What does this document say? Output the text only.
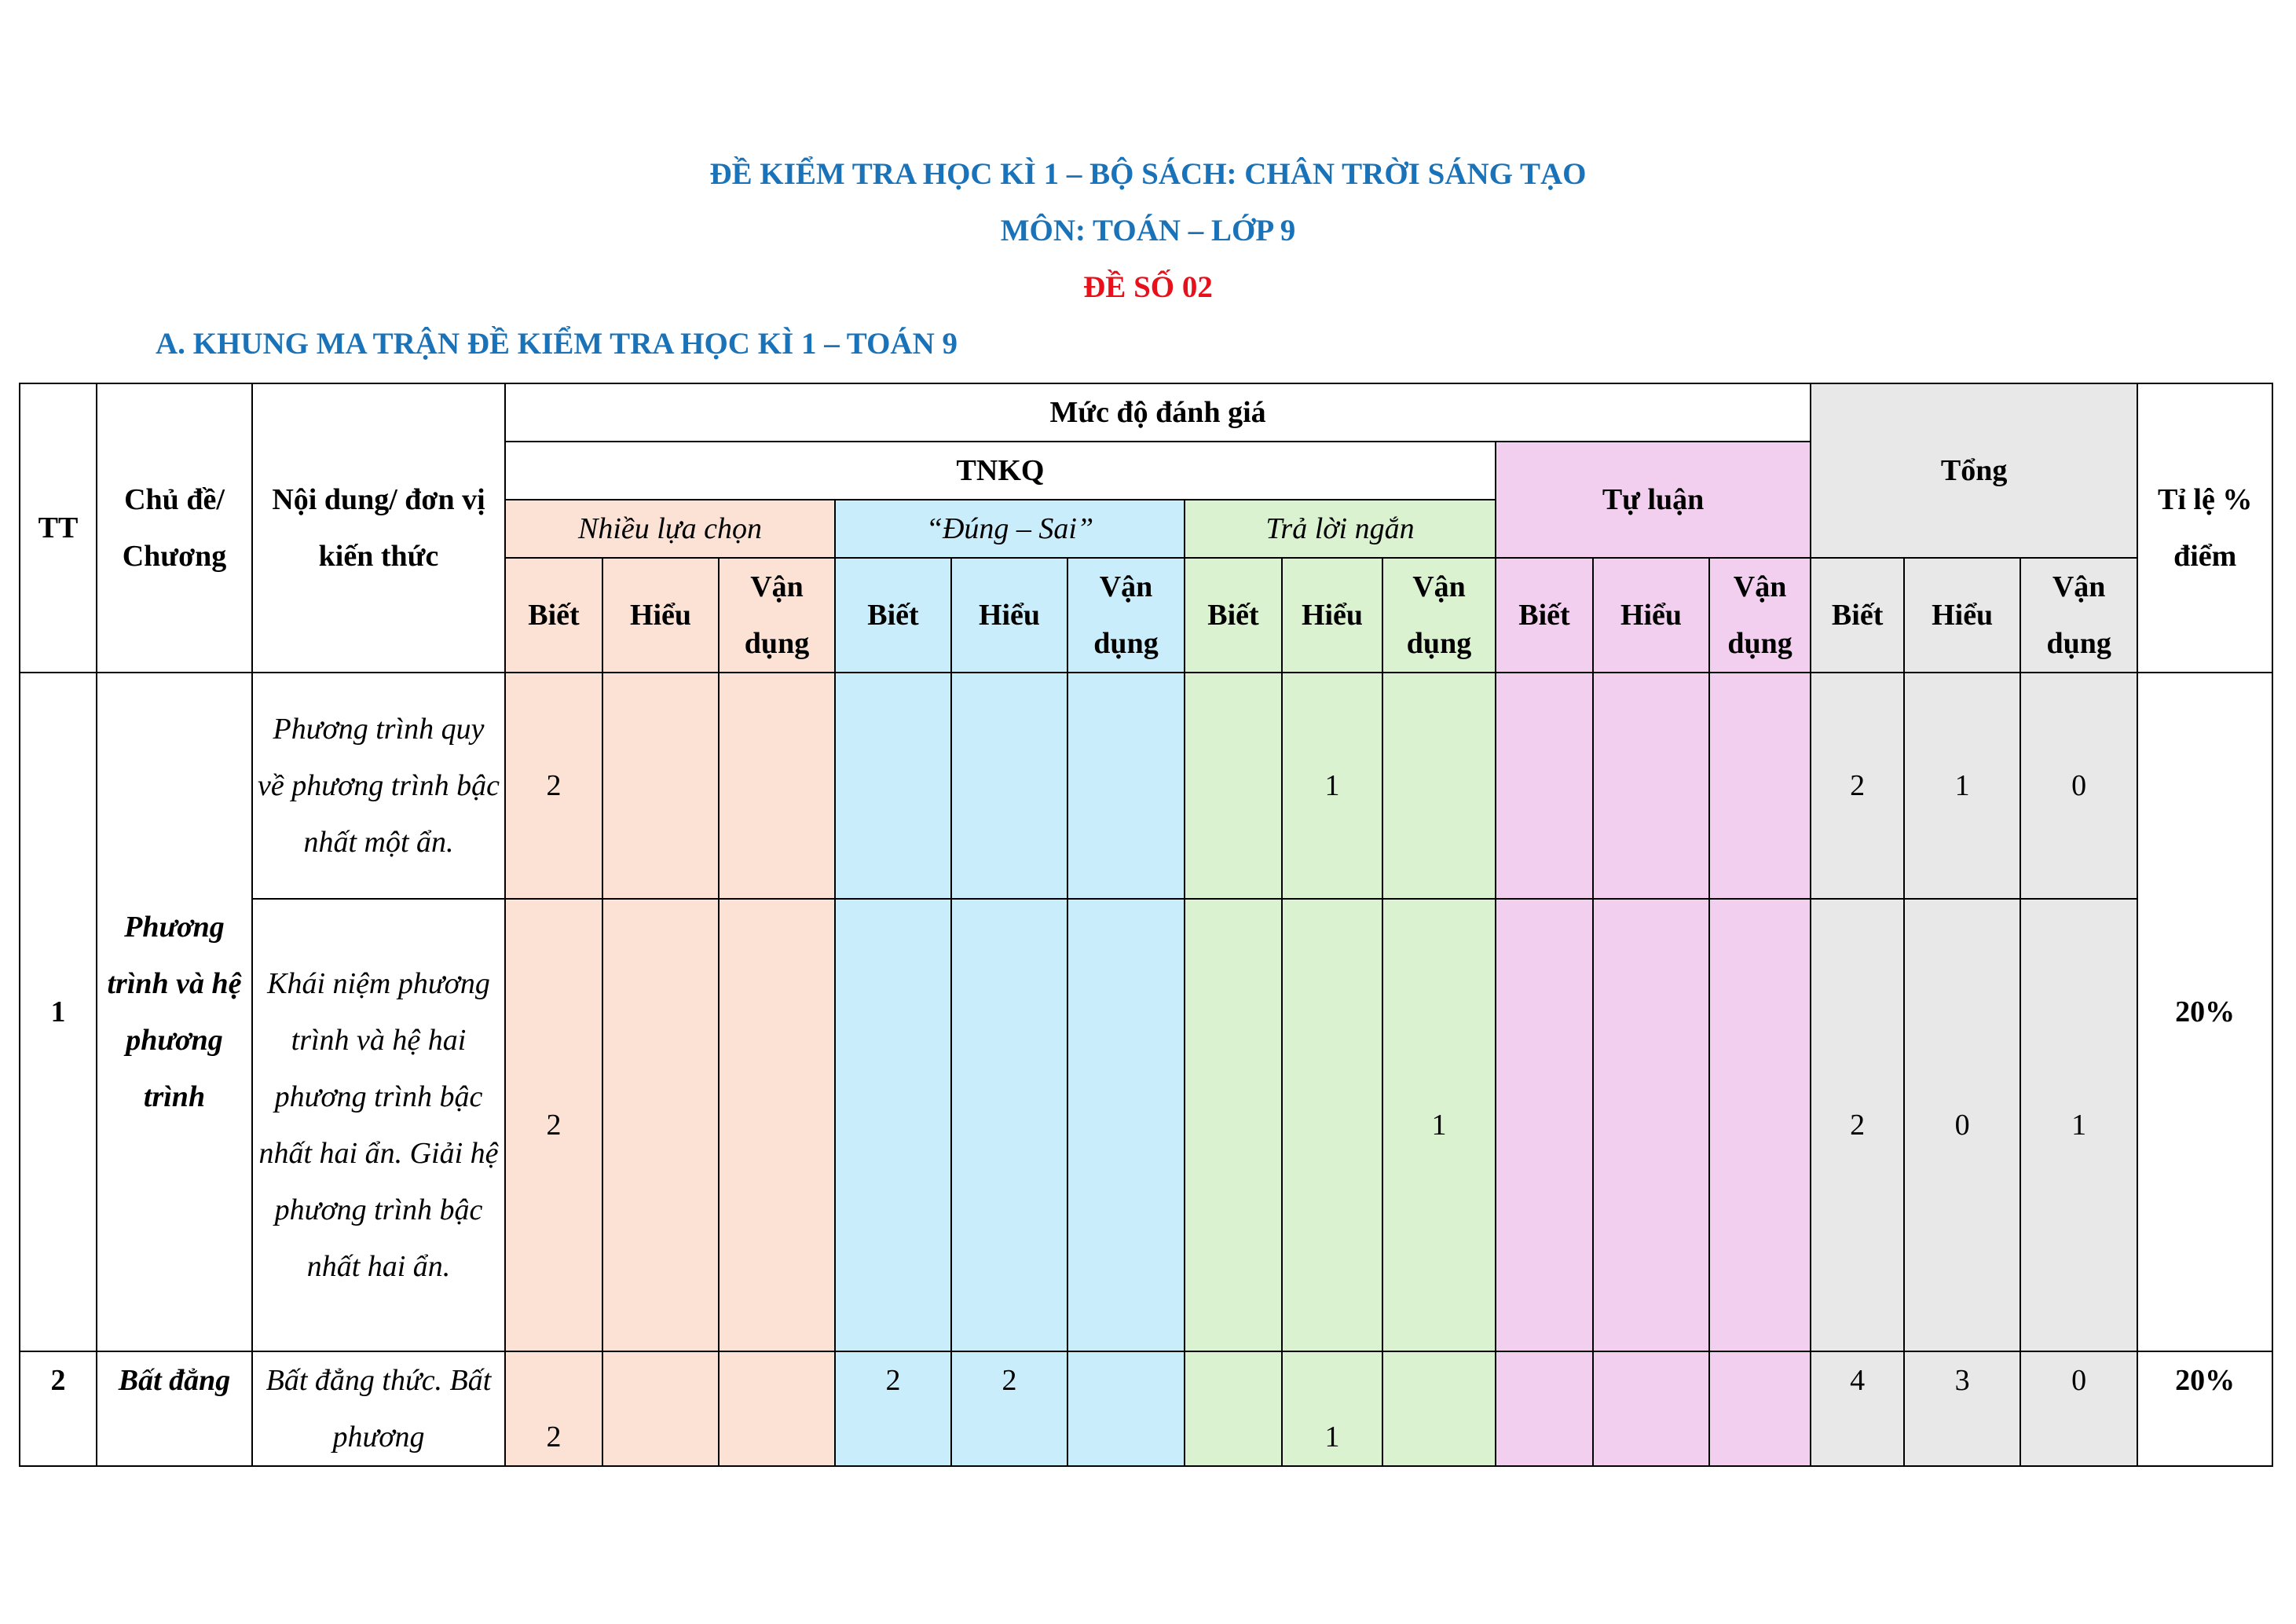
ĐỀ KIỂM TRA HỌC KÌ 1 – BỘ SÁCH: CHÂN TRỜI SÁNG TẠO
MÔN: TOÁN – LỚP 9
ĐỀ SỐ 02
A. KHUNG MA TRẬN ĐỀ KIỂM TRA HỌC KÌ 1 – TOÁN 9
TT	Chủ đề/ Chương	Nội dung/ đơn vị kiến thức	Mức độ đánh giá												Tổng			Tỉ lệ % điểm
			TNKQ									Tự luận						
			Nhiều lựa chọn			“Đúng – Sai”			Trả lời ngắn									
			Biết	Hiểu	Vận dụng	Biết	Hiểu	Vận dụng	Biết	Hiểu	Vận dụng	Biết	Hiểu	Vận dụng	Biết	Hiểu	Vận dụng	
1	Phương trình và hệ phương trình	Phương trình quy về phương trình bậc nhất một ẩn.	2							1					2	1	0	20%
		Khái niệm phương trình và hệ hai phương trình bậc nhất hai ẩn. Giải hệ phương trình bậc nhất hai ẩn.	2								1				2	0	1	
2	Bất đẳng	Bất đẳng thức. Bất phương	2			2	2			1					4	3	0	20%
